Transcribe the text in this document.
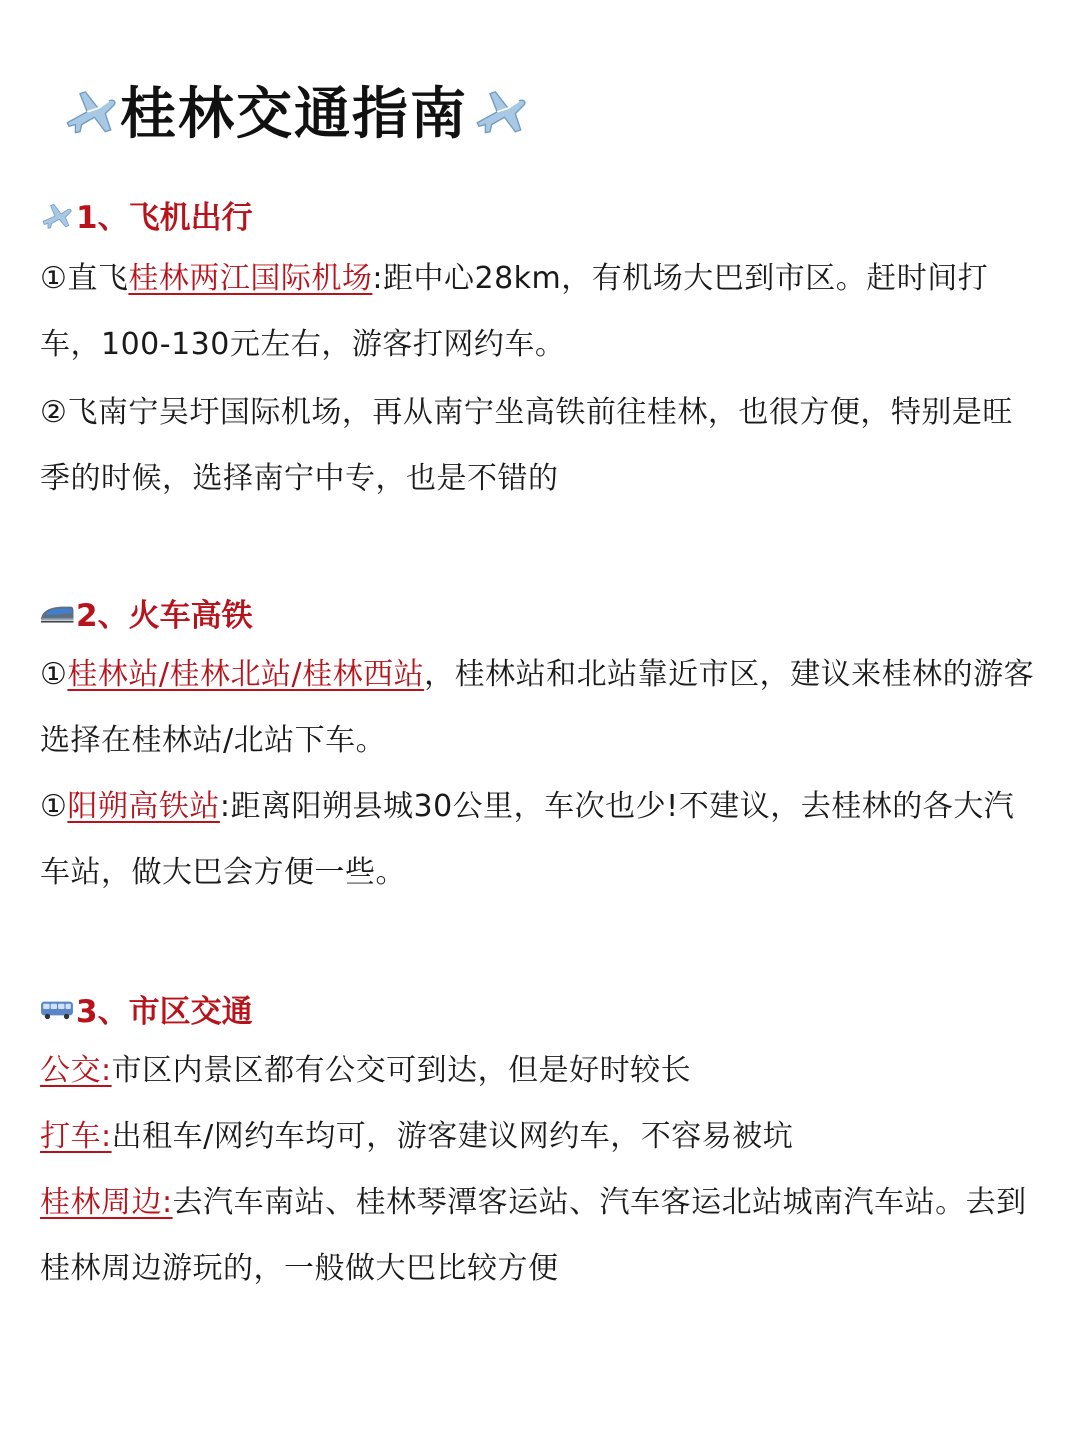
桂林交通指南
1、飞机出行
①直飞桂林两江国际机场:距中心28km，有机场大巴到市区。赶时间打车，100-130元左右，游客打网约车。
②飞南宁吴圩国际机场，再从南宁坐高铁前往桂林，也很方便，特别是旺季的时候，选择南宁中专，也是不错的
2、火车高铁
①桂林站/桂林北站/桂林西站，桂林站和北站靠近市区，建议来桂林的游客选择在桂林站/北站下车。
①阳朔高铁站:距离阳朔县城30公里，车次也少!不建议，去桂林的各大汽车站，做大巴会方便一些。
3、市区交通
公交:市区内景区都有公交可到达，但是好时较长
打车:出租车/网约车均可，游客建议网约车，不容易被坑
桂林周边:去汽车南站、桂林琴潭客运站、汽车客运北站城南汽车站。去到桂林周边游玩的，一般做大巴比较方便
